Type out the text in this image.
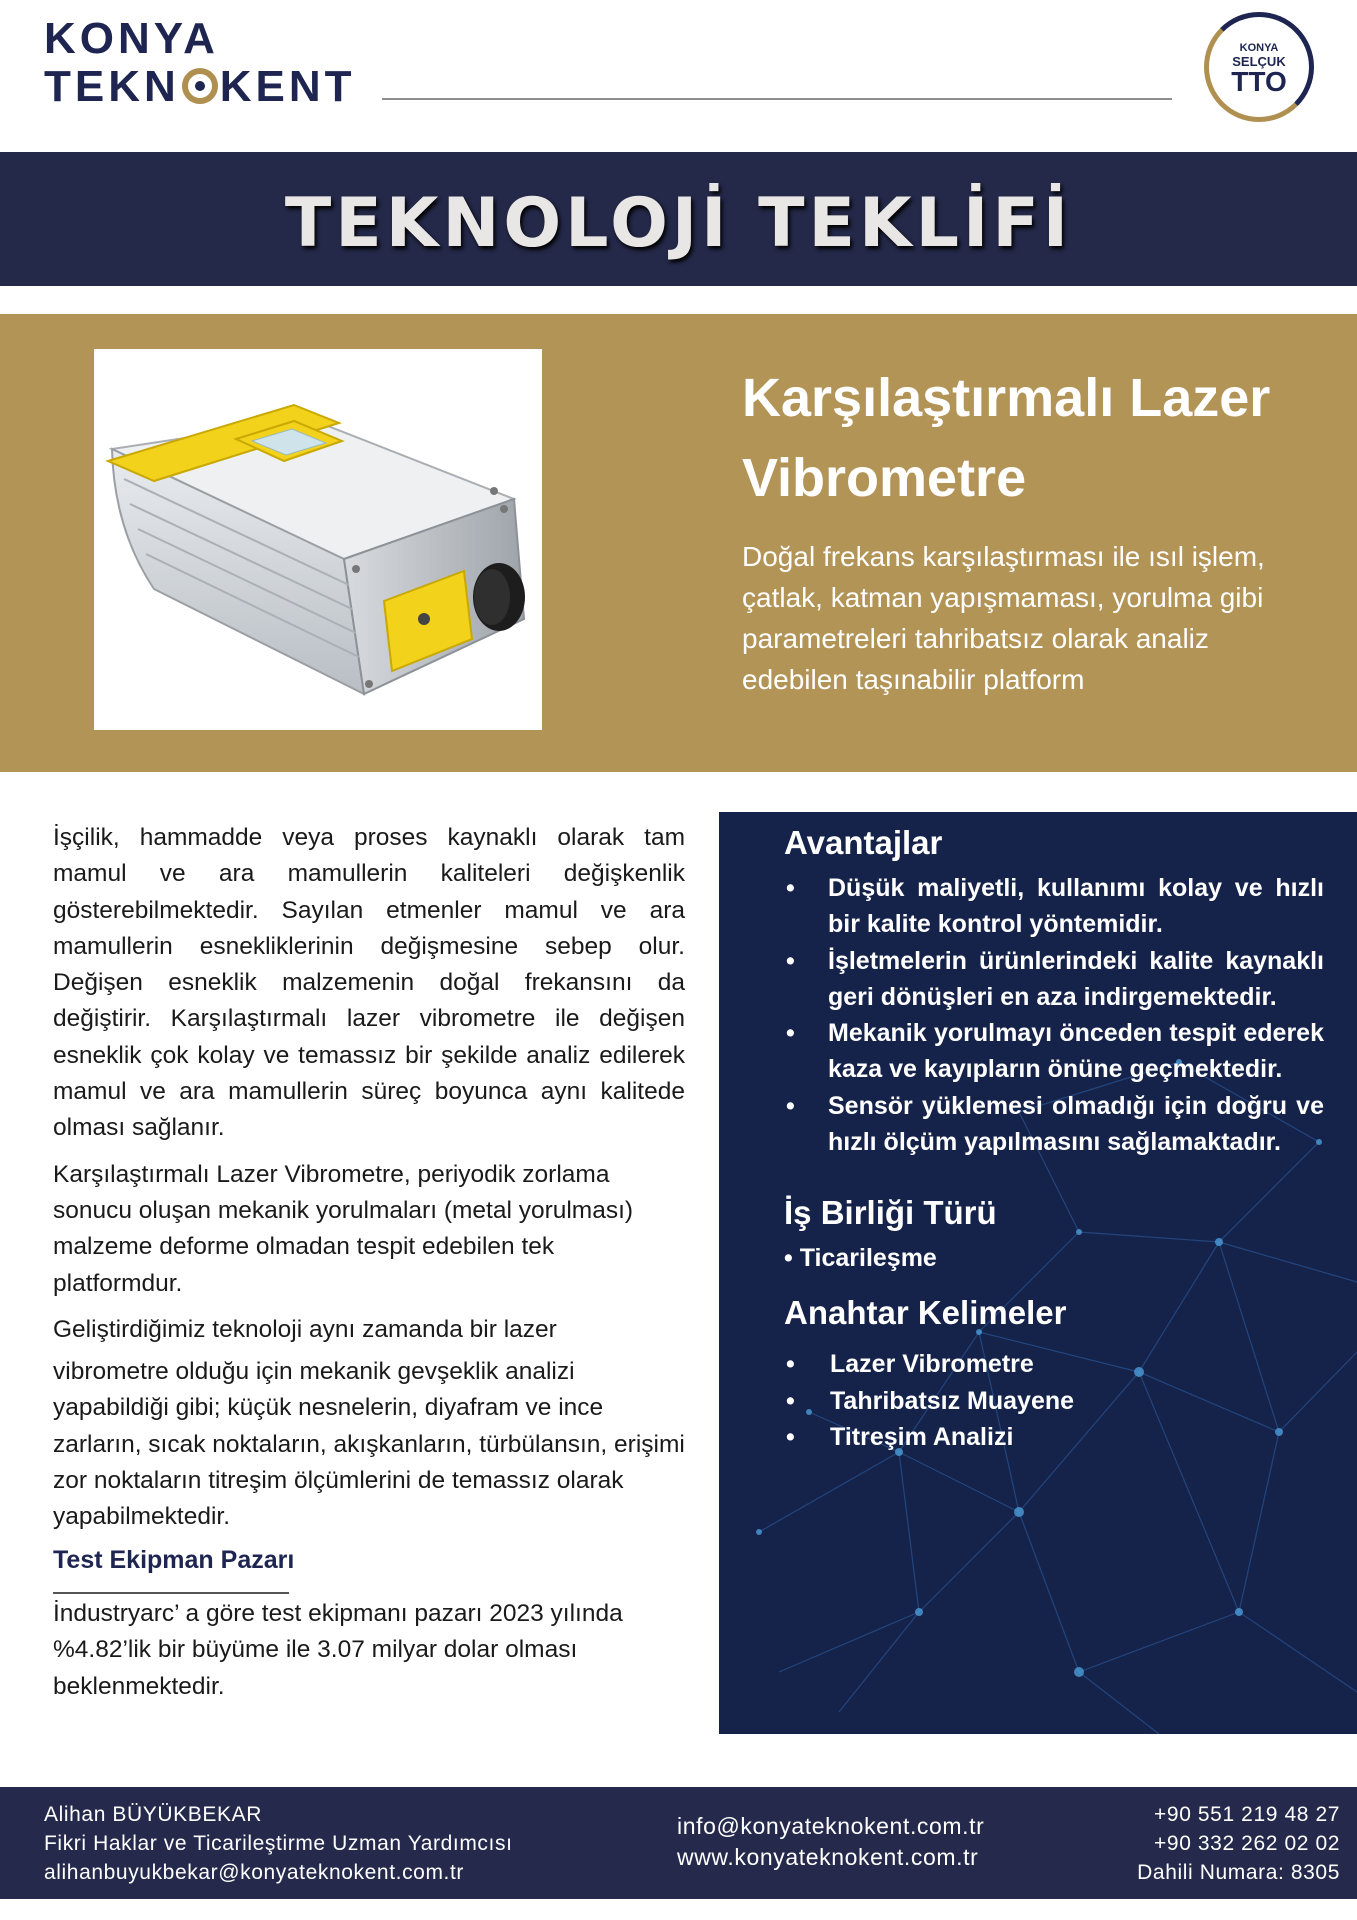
KONYA
TEKN KENT
KONYA
SELÇUK
TTO
TEKNOLOJİ TEKLİFİ
Karşılaştırmalı Lazer
Vibrometre
Doğal frekans karşılaştırması ile ısıl işlem, çatlak, katman yapışmaması, yorulma gibi parametreleri tahribatsız olarak analiz edebilen taşınabilir platform

İşçilik, hammadde veya proses kaynaklı olarak tam mamul ve ara mamullerin kaliteleri değişkenlik gösterebilmektedir. Sayılan etmenler mamul ve ara mamullerin esnekliklerinin değişmesine sebep olur. Değişen esneklik malzemenin doğal frekansını da değiştirir. Karşılaştırmalı lazer vibrometre ile değişen esneklik çok kolay ve temassız bir şekilde analiz edilerek mamul ve ara mamullerin süreç boyunca aynı kalitede olması sağlanır.

Karşılaştırmalı Lazer Vibrometre, periyodik zorlama sonucu oluşan mekanik yorulmaları (metal yorulması) malzeme deforme olmadan tespit edebilen tek platformdur.

Geliştirdiğimiz teknoloji aynı zamanda bir lazer

vibrometre olduğu için mekanik gevşeklik analizi yapabildiği gibi; küçük nesnelerin, diyafram ve ince zarların, sıcak noktaların, akışkanların, türbülansın, erişimi zor noktaların titreşim ölçümlerini de temassız olarak yapabilmektedir.

Test Ekipman Pazarı

İndustryarc’ a göre test ekipmanı pazarı 2023 yılında %4.82’lik bir büyüme ile 3.07 milyar dolar olması beklenmektedir.

Avantajlar
• Düşük maliyetli, kullanımı kolay ve hızlı bir kalite kontrol yöntemidir.
• İşletmelerin ürünlerindeki kalite kaynaklı geri dönüşleri en aza indirgemektedir.
• Mekanik yorulmayı önceden tespit ederek kaza ve kayıpların önüne geçmektedir.
• Sensör yüklemesi olmadığı için doğru ve hızlı ölçüm yapılmasını sağlamaktadır.
İş Birliği Türü
• Ticarileşme
Anahtar Kelimeler
• Lazer Vibrometre
• Tahribatsız Muayene
• Titreşim Analizi
Alihan BÜYÜKBEKAR
Fikri Haklar ve Ticarileştirme Uzman Yardımcısı
alihanbuyukbekar@konyateknokent.com.tr
info@konyateknokent.com.tr
www.konyateknokent.com.tr
+90 551 219 48 27
+90 332 262 02 02
Dahili Numara: 8305
